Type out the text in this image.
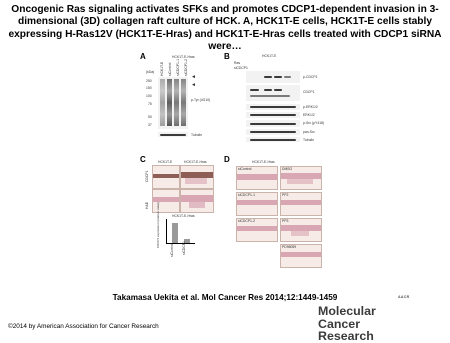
Oncogenic Ras signaling activates SFKs and promotes CDCP1-dependent invasion in 3-dimensional (3D) collagen raft culture of HCK. A, HCK1T-E cells, HCK1T-E cells stably expressing H-Ras12V (HCK1T-E-Hras) and HCK1T-E-Hras cells treated with CDCP1 siRNA were…
A	HCK1T-E-Hras
(kDa) HCK1T-E siControl siCDCP1-1 siCDCP1-2
250
150
100
75
50
37
p-Tyr (4G10)
◄
◄
Tubulin
B	HCK1T-E
Ras
siCDCP1
p-CDCP1
CDCP1
p-ERK1/2
ERK1/2
p-Src (pY418)
pan-Src
Tubulin
C	HCK1T-E	HCK1T-E-Hras
CDCP1
H&E
HCK1T-E-Hras
CDCP1 expression (relative value)
siControl siCDCP1
D	HCK1T-E-Hras
siControl
siCDCP1-1
siCDCP1-2
DMSO
PP2
PP3
PD98059
Takamasa Uekita et al. Mol Cancer Res 2014;12:1449-1459	AACR
Molecular
Cancer Research
©2014 by American Association for Cancer Research
